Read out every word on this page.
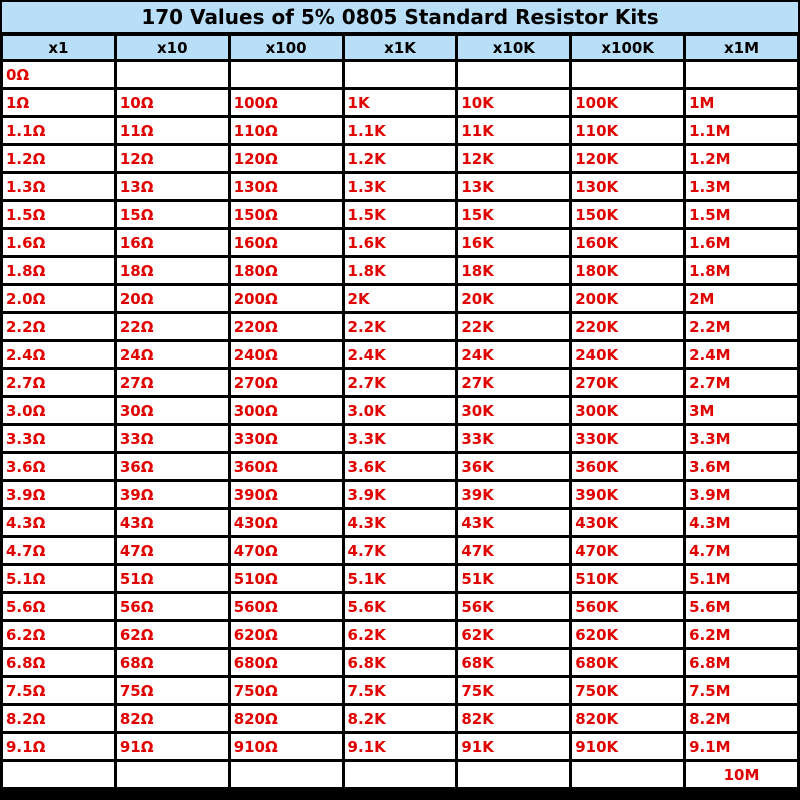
170 Values of 5% 0805 Standard Resistor Kits
x1	x10	x100	x1K	x10K	x100K	x1M
0Ω						
1Ω	10Ω	100Ω	1K	10K	100K	1M
1.1Ω	11Ω	110Ω	1.1K	11K	110K	1.1M
1.2Ω	12Ω	120Ω	1.2K	12K	120K	1.2M
1.3Ω	13Ω	130Ω	1.3K	13K	130K	1.3M
1.5Ω	15Ω	150Ω	1.5K	15K	150K	1.5M
1.6Ω	16Ω	160Ω	1.6K	16K	160K	1.6M
1.8Ω	18Ω	180Ω	1.8K	18K	180K	1.8M
2.0Ω	20Ω	200Ω	2K	20K	200K	2M
2.2Ω	22Ω	220Ω	2.2K	22K	220K	2.2M
2.4Ω	24Ω	240Ω	2.4K	24K	240K	2.4M
2.7Ω	27Ω	270Ω	2.7K	27K	270K	2.7M
3.0Ω	30Ω	300Ω	3.0K	30K	300K	3M
3.3Ω	33Ω	330Ω	3.3K	33K	330K	3.3M
3.6Ω	36Ω	360Ω	3.6K	36K	360K	3.6M
3.9Ω	39Ω	390Ω	3.9K	39K	390K	3.9M
4.3Ω	43Ω	430Ω	4.3K	43K	430K	4.3M
4.7Ω	47Ω	470Ω	4.7K	47K	470K	4.7M
5.1Ω	51Ω	510Ω	5.1K	51K	510K	5.1M
5.6Ω	56Ω	560Ω	5.6K	56K	560K	5.6M
6.2Ω	62Ω	620Ω	6.2K	62K	620K	6.2M
6.8Ω	68Ω	680Ω	6.8K	68K	680K	6.8M
7.5Ω	75Ω	750Ω	7.5K	75K	750K	7.5M
8.2Ω	82Ω	820Ω	8.2K	82K	820K	8.2M
9.1Ω	91Ω	910Ω	9.1K	91K	910K	9.1M
						10M
